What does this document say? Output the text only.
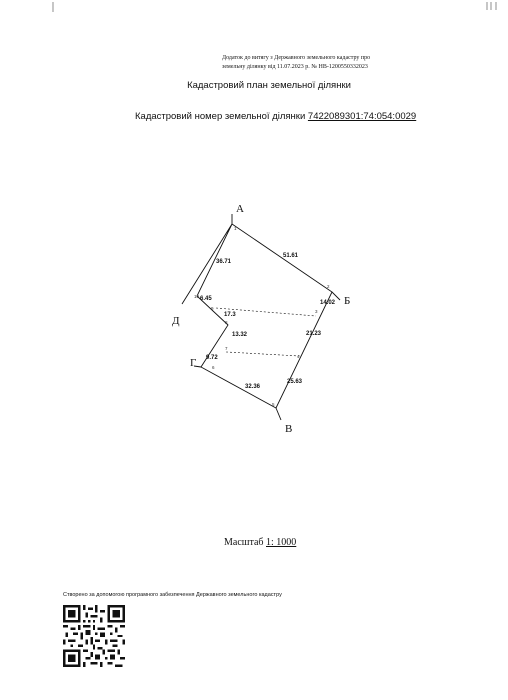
Додаток до витягу з Державного земельного кадастру про
земельну ділянку від 11.07.2023 р. № НВ-1200550332023
Кадастровий план земельної ділянки
Кадастровий номер земельної ділянки 7422089301:74:054:0029
А
Б
В
Г
Д
51.61
36.71
6.45
14.02
17.3
21.23
13.32
9.72
25.63
32.36
1
2
3
4
5
6
7
8
9
10
Масштаб 1: 1000
Створено за допомогою програмного забезпечення Державного земельного кадастру
